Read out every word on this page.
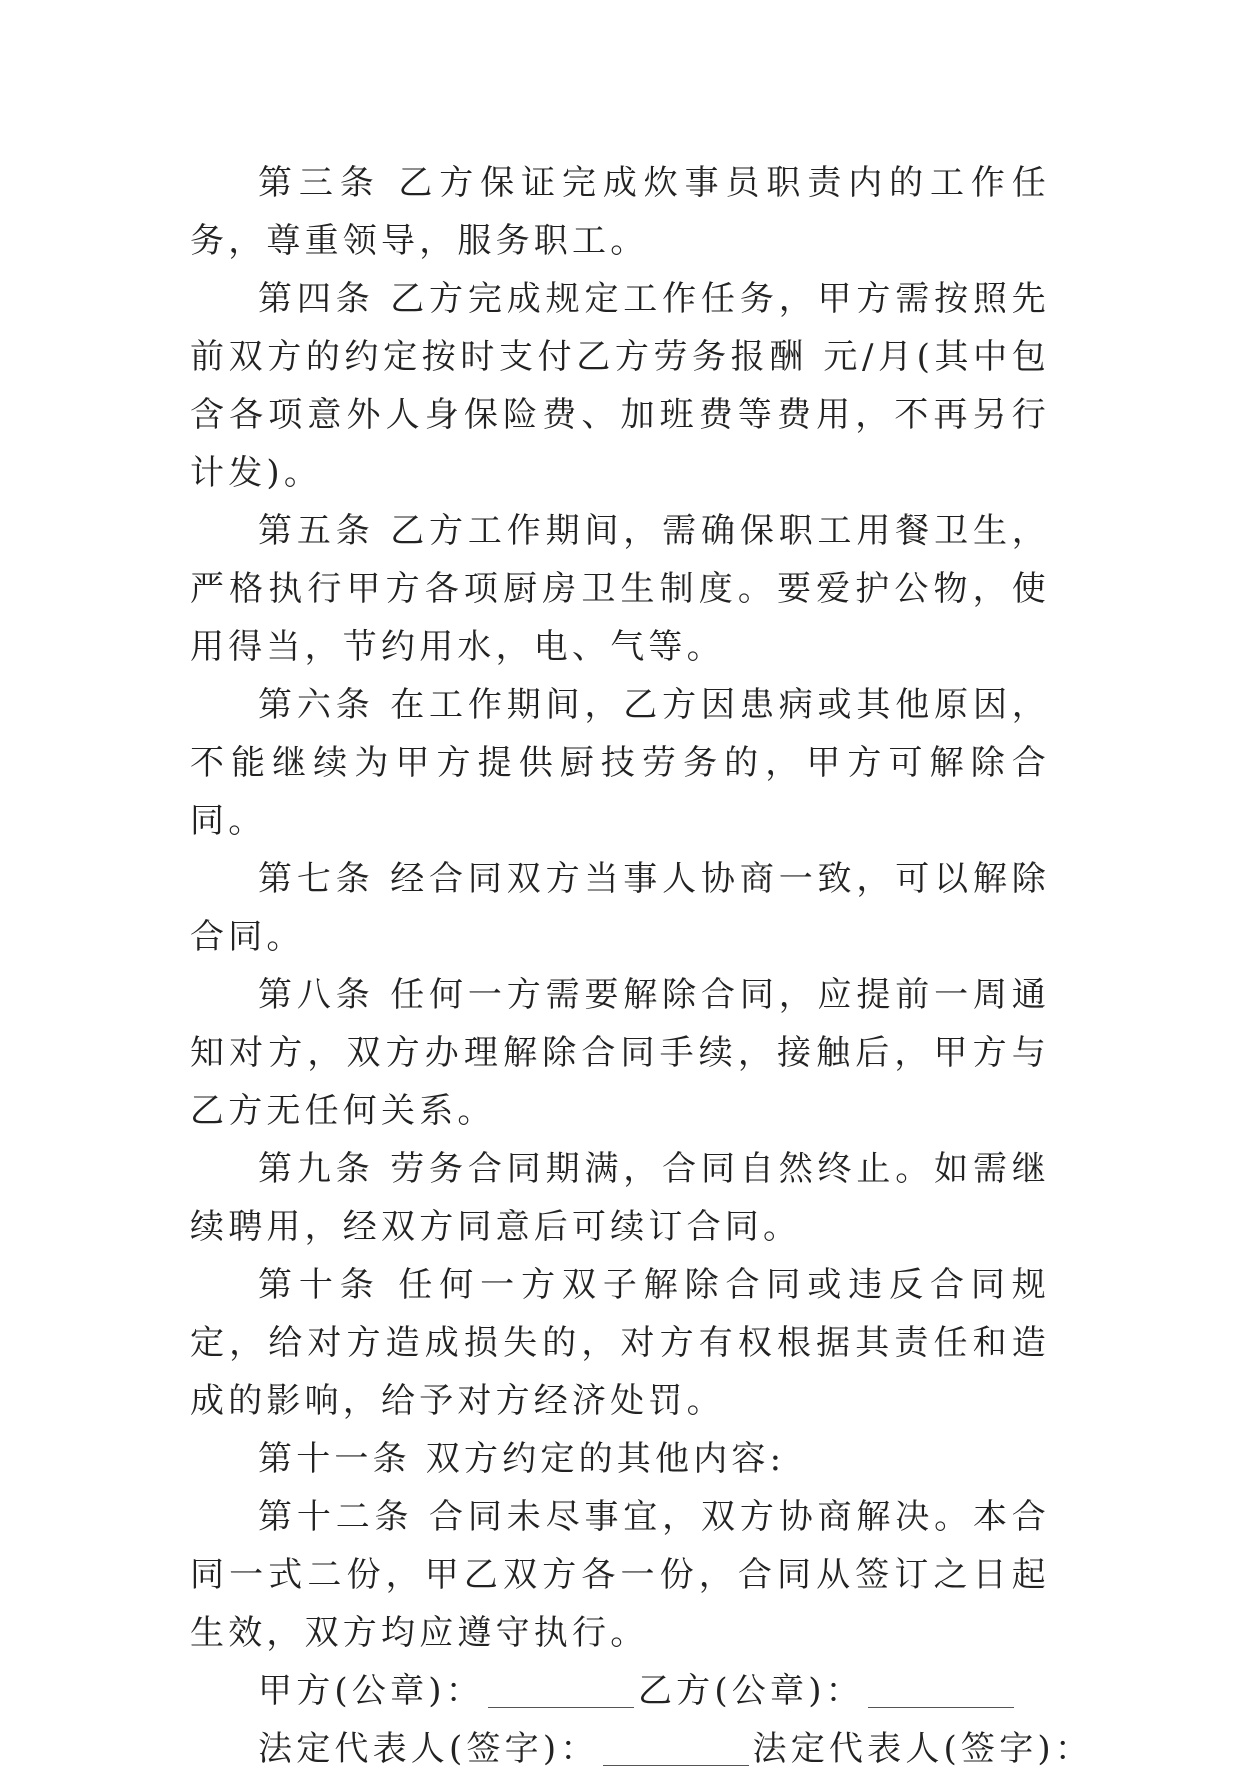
第三条 乙方保证完成炊事员职责内的工作任务，尊重领导，服务职工。

第四条 乙方完成规定工作任务，甲方需按照先前双方的约定按时支付乙方劳务报酬 元/月(其中包含各项意外人身保险费、加班费等费用，不再另行计发)。

第五条 乙方工作期间，需确保职工用餐卫生，严格执行甲方各项厨房卫生制度。要爱护公物，使用得当，节约用水，电、气等。

第六条 在工作期间，乙方因患病或其他原因，不能继续为甲方提供厨技劳务的，甲方可解除合同。

第七条 经合同双方当事人协商一致，可以解除合同。

第八条 任何一方需要解除合同，应提前一周通知对方，双方办理解除合同手续，接触后，甲方与乙方无任何关系。

第九条 劳务合同期满，合同自然终止。如需继续聘用，经双方同意后可续订合同。

第十条 任何一方双子解除合同或违反合同规定，给对方造成损失的，对方有权根据其责任和造成的影响，给予对方经济处罚。

第十一条 双方约定的其他内容:

第十二条 合同未尽事宜，双方协商解决。本合同一式二份，甲乙双方各一份，合同从签订之日起生效，双方均应遵守执行。

甲方(公章)：	乙方(公章)：

法定代表人(签字)：	法定代表人(签字)：
